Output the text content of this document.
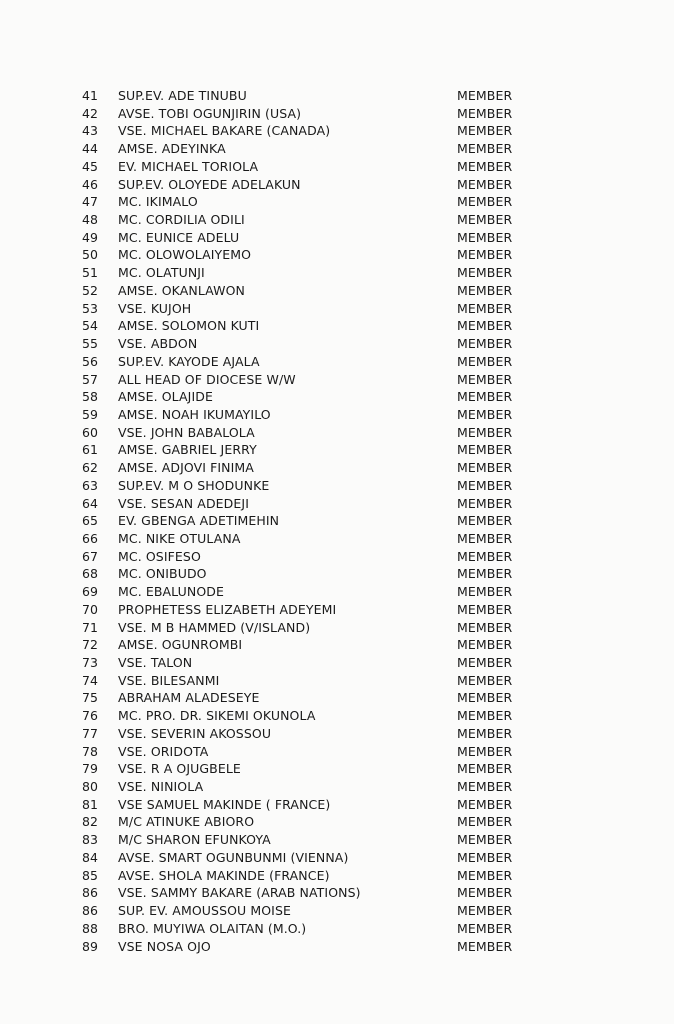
41	SUP.EV. ADE TINUBU	MEMBER
42	AVSE. TOBI OGUNJIRIN (USA)	MEMBER
43	VSE. MICHAEL BAKARE (CANADA)	MEMBER
44	AMSE. ADEYINKA	MEMBER
45	EV. MICHAEL TORIOLA	MEMBER
46	SUP.EV. OLOYEDE ADELAKUN	MEMBER
47	MC. IKIMALO	MEMBER
48	MC. CORDILIA ODILI	MEMBER
49	MC. EUNICE ADELU	MEMBER
50	MC. OLOWOLAIYEMO	MEMBER
51	MC. OLATUNJI	MEMBER
52	AMSE. OKANLAWON	MEMBER
53	VSE. KUJOH	MEMBER
54	AMSE. SOLOMON KUTI	MEMBER
55	VSE. ABDON	MEMBER
56	SUP.EV. KAYODE AJALA	MEMBER
57	ALL HEAD OF DIOCESE W/W	MEMBER
58	AMSE. OLAJIDE	MEMBER
59	AMSE. NOAH IKUMAYILO	MEMBER
60	VSE. JOHN BABALOLA	MEMBER
61	AMSE. GABRIEL JERRY	MEMBER
62	AMSE. ADJOVI FINIMA	MEMBER
63	SUP.EV. M O SHODUNKE	MEMBER
64	VSE. SESAN ADEDEJI	MEMBER
65	EV. GBENGA ADETIMEHIN	MEMBER
66	MC. NIKE OTULANA	MEMBER
67	MC. OSIFESO	MEMBER
68	MC. ONIBUDO	MEMBER
69	MC. EBALUNODE	MEMBER
70	PROPHETESS ELIZABETH ADEYEMI	MEMBER
71	VSE. M B HAMMED (V/ISLAND)	MEMBER
72	AMSE. OGUNROMBI	MEMBER
73	VSE. TALON	MEMBER
74	VSE. BILESANMI	MEMBER
75	ABRAHAM ALADESEYE	MEMBER
76	MC. PRO. DR. SIKEMI OKUNOLA	MEMBER
77	VSE. SEVERIN AKOSSOU	MEMBER
78	VSE. ORIDOTA	MEMBER
79	VSE. R A OJUGBELE	MEMBER
80	VSE. NINIOLA	MEMBER
81	VSE SAMUEL MAKINDE ( FRANCE)	MEMBER
82	M/C ATINUKE ABIORO	MEMBER
83	M/C SHARON EFUNKOYA	MEMBER
84	AVSE. SMART OGUNBUNMI (VIENNA)	MEMBER
85	AVSE. SHOLA MAKINDE (FRANCE)	MEMBER
86	VSE. SAMMY BAKARE (ARAB NATIONS)	MEMBER
86	SUP. EV. AMOUSSOU MOISE	MEMBER
88	BRO. MUYIWA OLAITAN (M.O.)	MEMBER
89	VSE NOSA OJO	MEMBER
